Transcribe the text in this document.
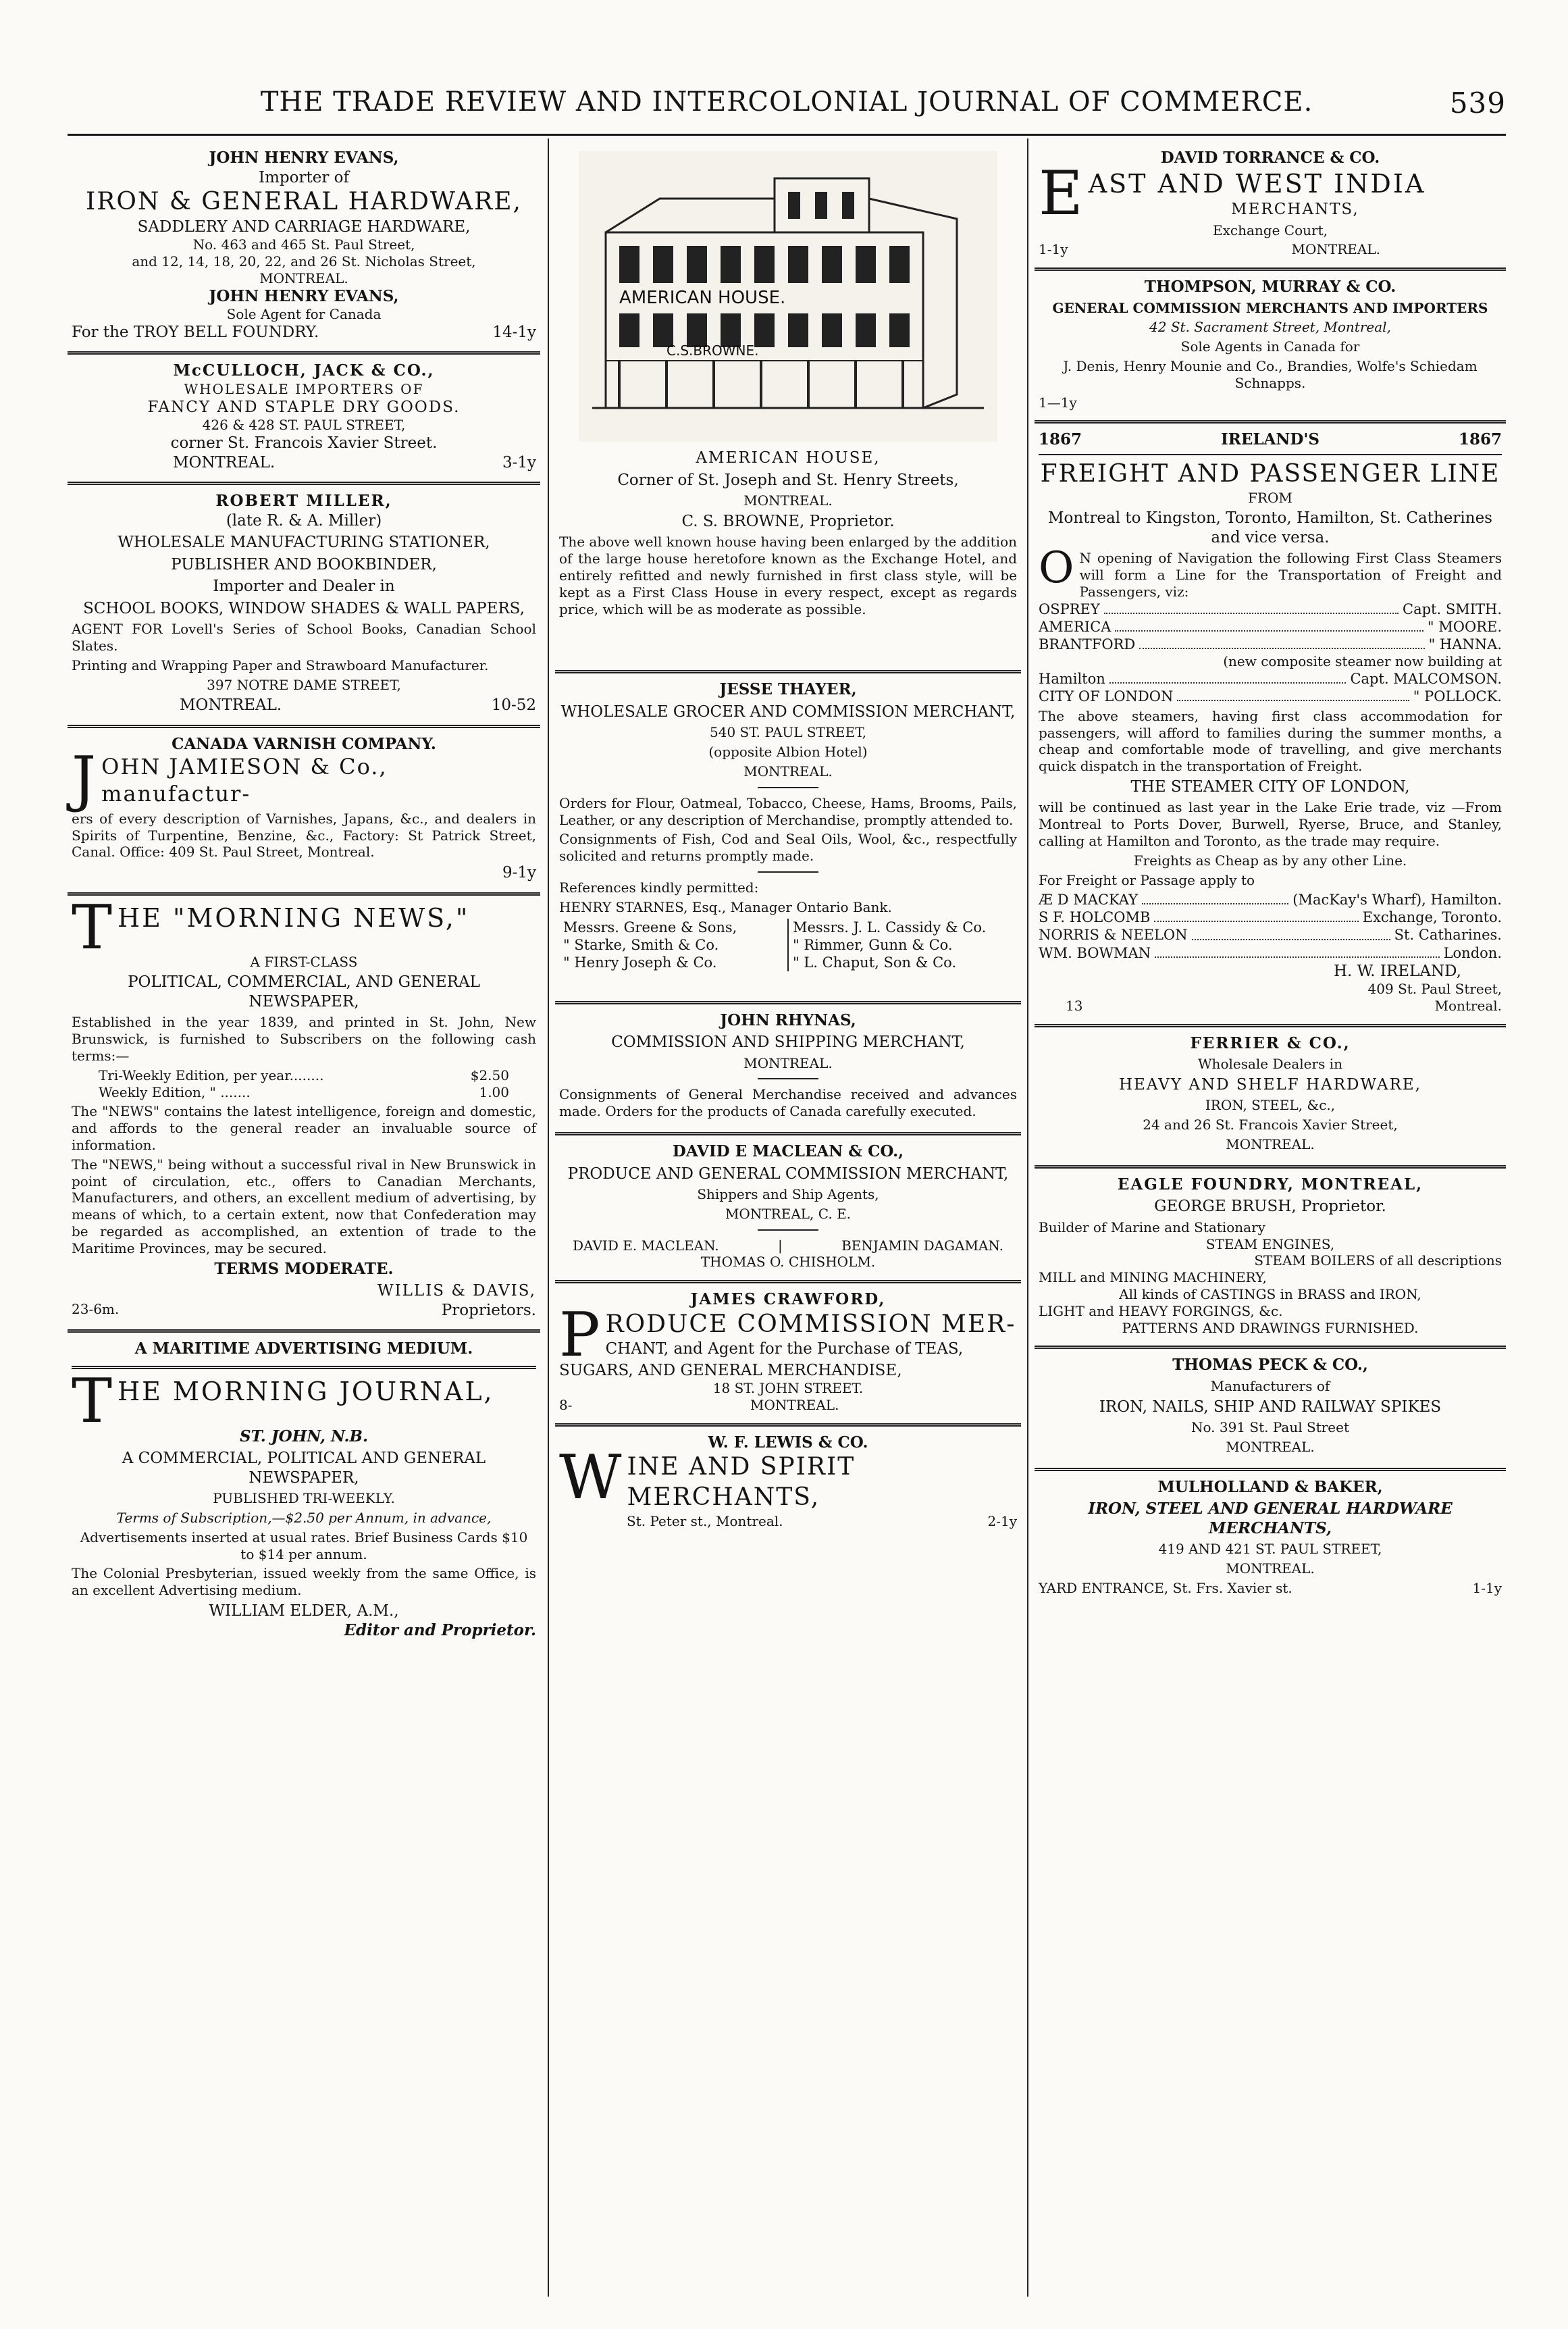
THE TRADE REVIEW AND INTERCOLONIAL JOURNAL OF COMMERCE.	539
JOHN HENRY EVANS,
Importer of
IRON & GENERAL HARDWARE,
SADDLERY AND CARRIAGE HARDWARE,
No. 463 and 465 St. Paul Street,
and 12, 14, 18, 20, 22, and 26 St. Nicholas Street,
MONTREAL.
JOHN HENRY EVANS,
Sole Agent for Canada
For the TROY BELL FOUNDRY.	14-1y
McCULLOCH, JACK & CO.,
WHOLESALE IMPORTERS OF
FANCY AND STAPLE DRY GOODS.
426 & 428 ST. PAUL STREET,
corner St. Francois Xavier Street.
MONTREAL.	3-1y
ROBERT MILLER,
(late R. & A. Miller)

WHOLESALE MANUFACTURING STATIONER,

PUBLISHER AND BOOKBINDER,

Importer and Dealer in

SCHOOL BOOKS, WINDOW SHADES & WALL PAPERS,

AGENT FOR Lovell's Series of School Books, Canadian School Slates.

Printing and Wrapping Paper and Strawboard Manufacturer.

397 NOTRE DAME STREET,

MONTREAL.	10-52
CANADA VARNISH COMPANY.
JOHN JAMIESON & Co., manufactur-

ers of every description of Varnishes, Japans, &c., and dealers in Spirits of Turpentine, Benzine, &c., Factory: St Patrick Street, Canal. Office: 409 St. Paul Street, Montreal.

9-1y
THE "MORNING NEWS,"
A FIRST-CLASS

POLITICAL, COMMERCIAL, AND GENERAL NEWSPAPER,

Established in the year 1839, and printed in St. John, New Brunswick, is furnished to Subscribers on the following cash terms:—

Tri-Weekly Edition, per year........	$2.50
Weekly Edition, " .......	1.00

The "NEWS" contains the latest intelligence, foreign and domestic, and affords to the general reader an invaluable source of information.

The "NEWS," being without a successful rival in New Brunswick in point of circulation, etc., offers to Canadian Merchants, Manufacturers, and others, an excellent medium of advertising, by means of which, to a certain extent, now that Confederation may be regarded as accomplished, an extention of trade to the Maritime Provinces, may be secured.

TERMS MODERATE.

WILLIS & DAVIS,
23-6m.	Proprietors.
A MARITIME ADVERTISING MEDIUM.
THE MORNING JOURNAL,
ST. JOHN, N.B.

A COMMERCIAL, POLITICAL AND GENERAL NEWSPAPER,

PUBLISHED TRI-WEEKLY.

Terms of Subscription,—$2.50 per Annum, in advance,

Advertisements inserted at usual rates. Brief Business Cards $10 to $14 per annum.

The Colonial Presbyterian, issued weekly from the same Office, is an excellent Advertising medium.

WILLIAM ELDER, A.M.,
Editor and Proprietor.
AMERICAN HOUSE.
C.S.BROWNE.
AMERICAN HOUSE,

Corner of St. Joseph and St. Henry Streets,

MONTREAL.

C. S. BROWNE, Proprietor.

The above well known house having been enlarged by the addition of the large house heretofore known as the Exchange Hotel, and entirely refitted and newly furnished in first class style, will be kept as a First Class House in every respect, except as regards price, which will be as moderate as possible.

JESSE THAYER,

WHOLESALE GROCER AND COMMISSION MERCHANT,

540 ST. PAUL STREET,

(opposite Albion Hotel)

MONTREAL.

Orders for Flour, Oatmeal, Tobacco, Cheese, Hams, Brooms, Pails, Leather, or any description of Merchandise, promptly attended to.

Consignments of Fish, Cod and Seal Oils, Wool, &c., respectfully solicited and returns promptly made.

References kindly permitted:

HENRY STARNES, Esq., Manager Ontario Bank.

Messrs. Greene & Sons,
" Starke, Smith & Co.
" Henry Joseph & Co.
Messrs. J. L. Cassidy & Co.
" Rimmer, Gunn & Co.
" L. Chaput, Son & Co.
JOHN RHYNAS,

COMMISSION AND SHIPPING MERCHANT,

MONTREAL.

Consignments of General Merchandise received and advances made. Orders for the products of Canada carefully executed.

DAVID E MACLEAN & CO.,

PRODUCE AND GENERAL COMMISSION MERCHANT,

Shippers and Ship Agents,

MONTREAL, C. E.

DAVID E. MACLEAN.	|	BENJAMIN DAGAMAN.
THOMAS O. CHISHOLM.
JAMES CRAWFORD,
PRODUCE COMMISSION MER-
CHANT, and Agent for the Purchase of TEAS,
SUGARS, AND GENERAL MERCHANDISE,
18 ST. JOHN STREET.
8-	MONTREAL.
W. F. LEWIS & CO.
WINE AND SPIRIT MERCHANTS,
St. Peter st., Montreal.	2-1y
DAVID TORRANCE & CO.
EAST AND WEST INDIA
MERCHANTS,

Exchange Court,

1-1y	MONTREAL.
THOMPSON, MURRAY & CO.

GENERAL COMMISSION MERCHANTS AND IMPORTERS

42 St. Sacrament Street, Montreal,

Sole Agents in Canada for

J. Denis, Henry Mounie and Co., Brandies, Wolfe's Schiedam Schnapps.

1—1y
1867	IRELAND'S	1867
FREIGHT AND PASSENGER LINE
FROM

Montreal to Kingston, Toronto, Hamilton, St. Catherines and vice versa.

O N opening of Navigation the following First Class Steamers will form a Line for the Transportation of Freight and Passengers, viz:
OSPREY	Capt. SMITH.
AMERICA	" MOORE.
BRANTFORD	" HANNA.
(new composite steamer now building at
Hamilton	Capt. MALCOMSON.
CITY OF LONDON	" POLLOCK.

The above steamers, having first class accommodation for passengers, will afford to families during the summer months, a cheap and comfortable mode of travelling, and give merchants quick dispatch in the transportation of Freight.

THE STEAMER CITY OF LONDON,

will be continued as last year in the Lake Erie trade, viz —From Montreal to Ports Dover, Burwell, Ryerse, Bruce, and Stanley, calling at Hamilton and Toronto, as the trade may require.

Freights as Cheap as by any other Line.

For Freight or Passage apply to

Æ D MACKAY	(MacKay's Wharf), Hamilton.
S F. HOLCOMB	Exchange, Toronto.
NORRIS & NEELON	St. Catharines.
WM. BOWMAN	London.
H. W. IRELAND,
409 St. Paul Street,
13	Montreal.
FERRIER & CO.,

Wholesale Dealers in

HEAVY AND SHELF HARDWARE,

IRON, STEEL, &c.,

24 and 26 St. Francois Xavier Street,

MONTREAL.

EAGLE FOUNDRY, MONTREAL,

GEORGE BRUSH, Proprietor.

Builder of Marine and Stationary
STEAM ENGINES,
STEAM BOILERS of all descriptions
MILL and MINING MACHINERY,
All kinds of CASTINGS in BRASS and IRON,
LIGHT and HEAVY FORGINGS, &c.
PATTERNS AND DRAWINGS FURNISHED.
THOMAS PECK & CO.,

Manufacturers of

IRON, NAILS, SHIP AND RAILWAY SPIKES

No. 391 St. Paul Street

MONTREAL.

MULHOLLAND & BAKER,

IRON, STEEL AND GENERAL HARDWARE MERCHANTS,

419 AND 421 ST. PAUL STREET,

MONTREAL.

YARD ENTRANCE, St. Frs. Xavier st.	1-1y
